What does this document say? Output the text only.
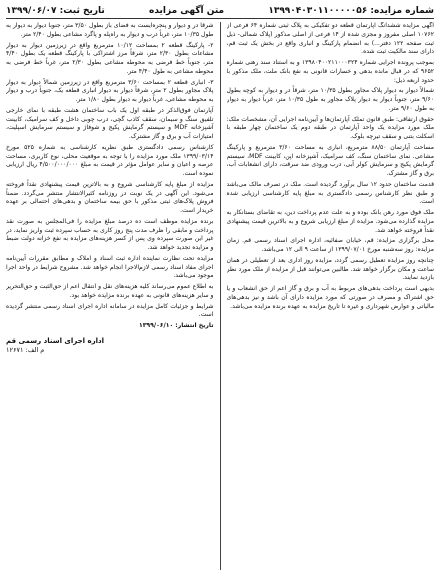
شماره مزایده: ۱۳۹۹۰۴۰۳۰۱۱۰۰۰۰۰۵۶
متن آگهی مزایده
تاریخ ثبت: ۱۳۹۹/۰۶/۰۷

آگهی مزایده ششدانگ آپارتمان قطعه دو تفکیکی به پلاک ثبتی شماره ۶۴ فرعی از ۱۰۷۶۲ اصلی مفروز و مجزی شده از ۱۴ فرعی از اصلی مذکور (پلاک شمالی- ذیل ثبت صفحه ۱۲۲ دفتر...) به انضمام پارکینگ و انباری واقع در بخش یک ثبت قم، دارای سند مالکیت ثبت شده.

بموجب پرونده اجرایی شماره ۱۳۹۸۰۴۰۰۲۱۱۰۰۰۳۲۴ و به استناد سند رهنی شماره ۹۶۵۲ که در قبال مانده بدهی و خسارات قانونی به نفع بانک ملت، ملک مذکور با حدود اربعه ذیل:

شمالاً دیوار به دیوار پلاک مجاور بطول ۱۰/۳۵ متر، شرقاً در و دیوار به کوچه بطول ۹/۶۰ متر، جنوباً دیوار به دیوار پلاک مجاور به طول ۱۰/۳۵ متر، غرباً دیوار به دیوار به طول ۹/۶۰ متر.

حقوق ارتفاقی: طبق قانون تملک آپارتمان‌ها و آیین‌نامه اجرایی آن، مشخصات ملک: ملک مورد مزایده یک واحد آپارتمان در طبقه دوم یک ساختمان چهار طبقه با اسکلت بتنی و سقف تیرچه بلوک.

مساحت آپارتمان ۸۸/۵۰ مترمربع، انباری به مساحت ۳/۶۰ مترمربع و پارکینگ مشاعی. نمای ساختمان سنگ، کف سرامیک، آشپزخانه اپن، کابینت MDF، سیستم گرمایش پکیج و سرمایش کولر آبی، درب ورودی ضد سرقت، دارای انشعابات آب، برق و گاز مشترک.

قدمت ساختمان حدود ۱۲ سال برآورد گردیده است. ملک در تصرف مالک می‌باشد و طبق نظر کارشناس رسمی دادگستری به مبلغ پایه کارشناسی ارزیابی شده است.

ملک فوق مورد رهن بانک بوده و به علت عدم پرداخت دین، به تقاضای بستانکار به مزایده گذارده می‌شود. مزایده از مبلغ ارزیابی شروع و به بالاترین قیمت پیشنهادی نقداً فروخته خواهد شد.

محل برگزاری مزایده: قم، خیابان صفائیه، اداره اجرای اسناد رسمی قم. زمان مزایده: روز سه‌شنبه مورخ ۱۳۹۹/۰۷/۰۱ از ساعت ۹ الی ۱۲ می‌باشد.

چنانچه روز مزایده تعطیل رسمی گردد، مزایده روز اداری بعد از تعطیلی در همان ساعت و مکان برگزار خواهد شد. طالبین می‌توانند قبل از مزایده از ملک مورد نظر بازدید نمایند.

بدیهی است پرداخت بدهی‌های مربوط به آب و برق و گاز اعم از حق انشعاب و یا حق اشتراک و مصرف در صورتی که مورد مزایده دارای آن باشد و نیز بدهی‌های مالیاتی و عوارض شهرداری و غیره تا تاریخ مزایده به عهده برنده مزایده می‌باشد.

شرقاً در و دیوار و پنجره‌ایست به فضای باز بطول ۳/۵۰ متر، جنوباً دیوار به دیوار به طول ۱۰/۳۵ متر، غرباً درب و دیوار به راه‌پله و پاگرد مشاعی بطول ۲/۴۰ متر.

۲- پارکینگ قطعه ۲ بمساحت ۱۰/۱۲ مترمربع واقع در زیرزمین دیوار به دیوار مشاعات بطول ۲/۳۰ متر، شرقاً مرز اشتراکی با پارکینگ قطعه یک بطول ۴/۴۰ متر، جنوباً خط فرضی به محوطه مشاعی بطول ۲/۳۰ متر، غرباً خط فرضی به محوطه مشاعی به طول ۴/۴۰ متر.

۳- انباری قطعه ۲ بمساحت ۳/۶۰ مترمربع واقع در زیرزمین شمالاً دیوار به دیوار پلاک مجاور بطول ۲ متر، شرقاً دیوار به دیوار انباری قطعه یک، جنوباً درب و دیوار به محوطه مشاعی، غرباً دیوار به دیوار بطول ۱/۸۰ متر.

آپارتمان فوق‌الذکر در طبقه اول یک باب ساختمان هشت طبقه با نمای خارجی تلفیق سنگ و سیمان، سقف کاذب گچی، درب چوبی داخل و کف سرامیک، کابینت آشپزخانه MDF و سیستم گرمایش پکیج و شوفاژ و سیستم سرمایش اسپلیت، امتیازات آب و برق و گاز مشترک.

کارشناس رسمی دادگستری طبق نظریه کارشناسی به شماره ۵۲۵ مورخ ۱۳۹۹/۰۳/۱۴ ملک مورد مزایده را با توجه به موقعیت محلی، نوع کاربری، مساحت عرصه و اعیان و سایر عوامل مؤثر در قیمت به مبلغ ۴/۵۰۰/۰۰۰/۰۰۰ ریال ارزیابی نموده است.

مزایده از مبلغ پایه کارشناسی شروع و به بالاترین قیمت پیشنهادی نقداً فروخته می‌شود. این آگهی در یک نوبت در روزنامه کثیرالانتشار منتشر می‌گردد. ضمناً فروش پلاک‌های ثبتی مذکور با حق بیمه ساختمان و بدهی‌های احتمالی بر عهده خریدار است.

برنده مزایده موظف است ده درصد مبلغ مزایده را فی‌المجلس به صورت نقد پرداخت و مابقی را ظرف مدت پنج روز کاری به حساب سپرده ثبت واریز نماید، در غیر این صورت سپرده وی پس از کسر هزینه‌های مزایده به نفع خزانه دولت ضبط و مزایده تجدید خواهد شد.

مزایده تحت نظارت نماینده اداره ثبت اسناد و املاک و مطابق مقررات آیین‌نامه اجرای مفاد اسناد رسمی لازم‌الاجرا انجام خواهد شد. مشروح شرایط در واحد اجرا موجود می‌باشد.

به اطلاع عموم می‌رساند کلیه هزینه‌های نقل و انتقال اعم از حق‌الثبت و حق‌التحریر و سایر هزینه‌های قانونی به عهده برنده مزایده خواهد بود.

شرایط و جزئیات کامل مزایده در سامانه اداره اجرای اسناد رسمی منتشر گردیده است.

تاریخ انتشار: ۱۳۹۹/۰۶/۱۰

اداره اجرای اسناد رسمی قم
م الف: ۱۲۶۷۱
